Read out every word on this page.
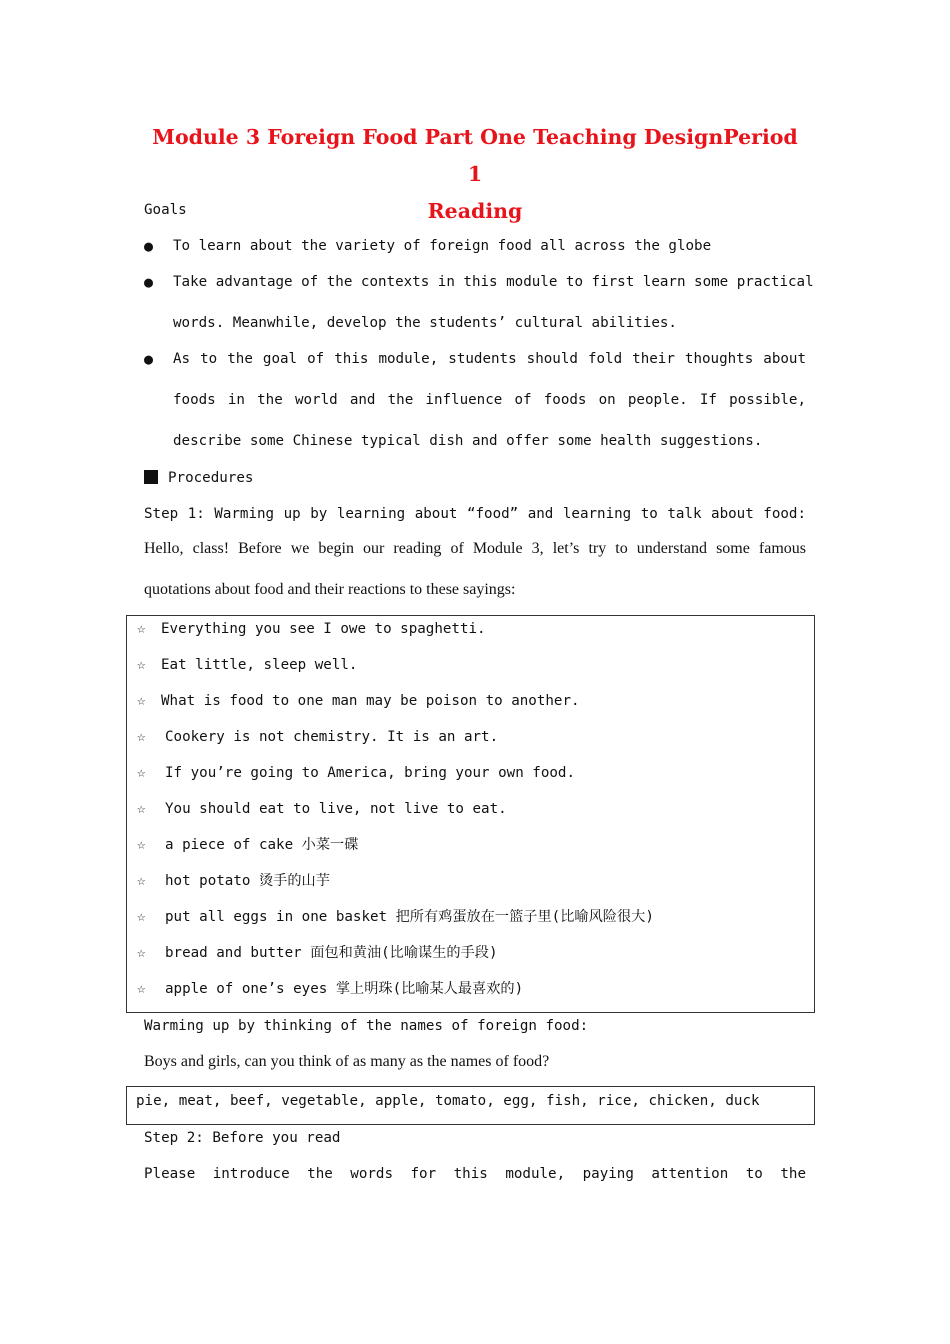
Module 3 Foreign Food Part One Teaching DesignPeriod 1
Reading
Goals
● To learn about the variety of foreign food all across the globe
● Take advantage of the contexts in this module to first learn some practical
words. Meanwhile, develop the students’ cultural abilities.
● As to the goal of this module, students should fold their thoughts about
foods in the world and the influence of foods on people. If possible,
describe some Chinese typical dish and offer some health suggestions.
Procedures
Step 1: Warming up by learning about “food” and learning to talk about food:
Hello, class! Before we begin our reading of Module 3, let’s try to understand some famous
quotations about food and their reactions to these sayings:
☆ Everything you see I owe to spaghetti.
☆ Eat little, sleep well.
☆ What is food to one man may be poison to another.
☆ Cookery is not chemistry. It is an art.
☆ If you’re going to America, bring your own food.
☆ You should eat to live, not live to eat.
☆ a piece of cake 小菜一碟
☆ hot potato 烫手的山芋
☆ put all eggs in one basket 把所有鸡蛋放在一篮子里(比喻风险很大)
☆ bread and butter 面包和黄油(比喻谋生的手段)
☆ apple of one’s eyes 掌上明珠(比喻某人最喜欢的)
Warming up by thinking of the names of foreign food:
Boys and girls, can you think of as many as the names of food?
pie, meat, beef, vegetable, apple, tomato, egg, fish, rice, chicken, duck
Step 2: Before you read
Please introduce the words for this module, paying attention to the
